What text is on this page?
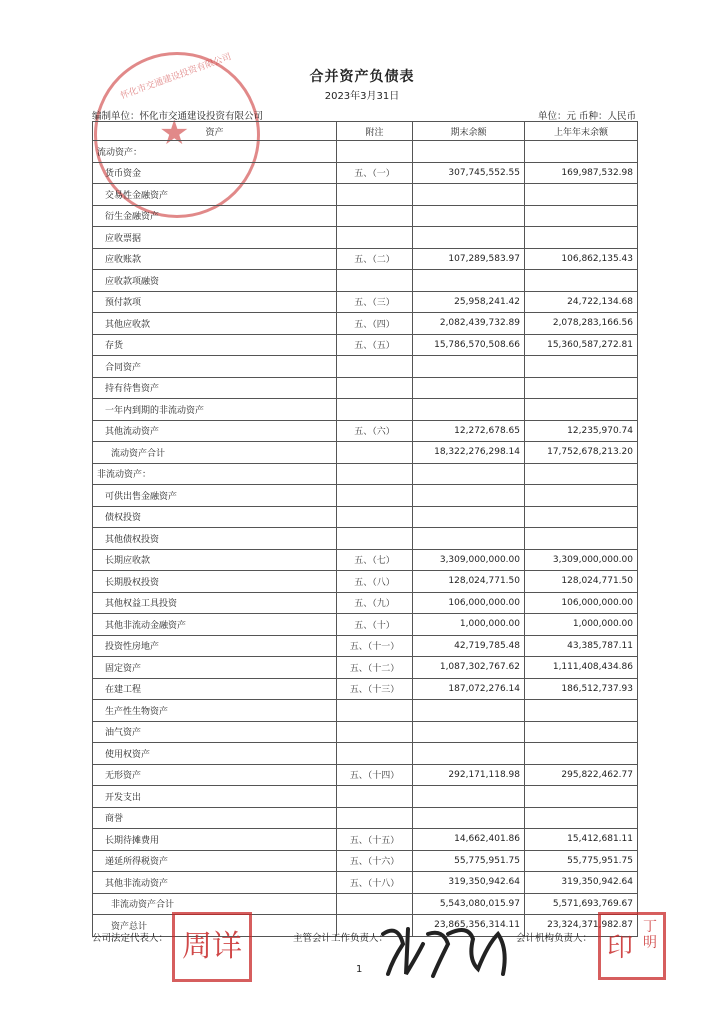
怀化市交通建设投资有限公司
★
合并资产负债表
2023年3月31日
编制单位：怀化市交通建设投资有限公司	单位：元 币种：人民币
资产	附注	期末余额	上年年末余额
流动资产：			
货币资金	五、（一）	307,745,552.55	169,987,532.98
交易性金融资产			
衍生金融资产			
应收票据			
应收账款	五、（二）	107,289,583.97	106,862,135.43
应收款项融资			
预付款项	五、（三）	25,958,241.42	24,722,134.68
其他应收款	五、（四）	2,082,439,732.89	2,078,283,166.56
存货	五、（五）	15,786,570,508.66	15,360,587,272.81
合同资产			
持有待售资产			
一年内到期的非流动资产			
其他流动资产	五、（六）	12,272,678.65	12,235,970.74
流动资产合计		18,322,276,298.14	17,752,678,213.20
非流动资产：			
可供出售金融资产			
债权投资			
其他债权投资			
长期应收款	五、（七）	3,309,000,000.00	3,309,000,000.00
长期股权投资	五、（八）	128,024,771.50	128,024,771.50
其他权益工具投资	五、（九）	106,000,000.00	106,000,000.00
其他非流动金融资产	五、（十）	1,000,000.00	1,000,000.00
投资性房地产	五、（十一）	42,719,785.48	43,385,787.11
固定资产	五、（十二）	1,087,302,767.62	1,111,408,434.86
在建工程	五、（十三）	187,072,276.14	186,512,737.93
生产性生物资产			
油气资产			
使用权资产			
无形资产	五、（十四）	292,171,118.98	295,822,462.77
开发支出			
商誉			
长期待摊费用	五、（十五）	14,662,401.86	15,412,681.11
递延所得税资产	五、（十六）	55,775,951.75	55,775,951.75
其他非流动资产	五、（十八）	319,350,942.64	319,350,942.64
非流动资产合计		5,543,080,015.97	5,571,693,769.67
资产总计		23,865,356,314.11	23,324,371,982.87
公司法定代表人：	主管会计工作负责人：	会计机构负责人：
周详	印
丁明
1
